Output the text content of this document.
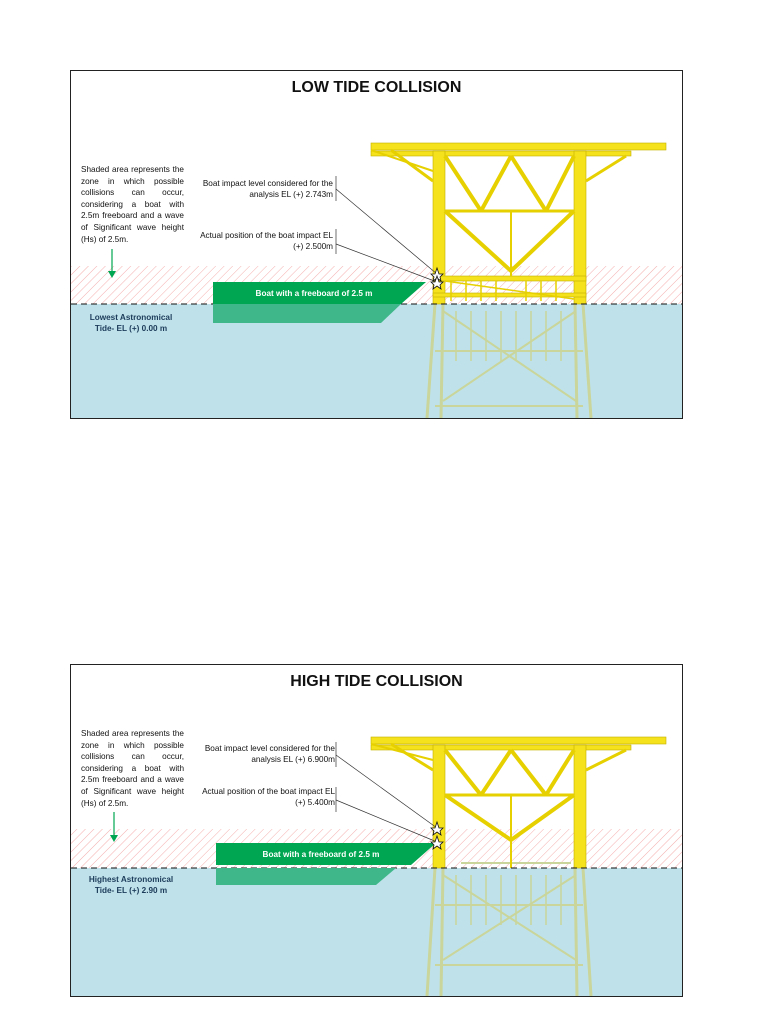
LOW TIDE COLLISION
Shaded area represents the zone in which possible collisions can occur, considering a boat with 2.5m freeboard and a wave of Significant wave height (Hs) of 2.5m.
Boat impact level considered for the analysis EL (+) 2.743m
Actual position of the boat impact EL (+) 2.500m
Boat with a freeboard of 2.5 m
Lowest Astronomical Tide- EL (+) 0.00 m
HIGH TIDE COLLISION
Shaded area represents the zone in which possible collisions can occur, considering a boat with 2.5m freeboard and a wave of Significant wave height (Hs) of 2.5m.
Boat impact level considered for the analysis EL (+) 6.900m
Actual position of the boat impact EL (+) 5.400m
Boat with a freeboard of 2.5 m
Highest Astronomical Tide- EL (+) 2.90 m
